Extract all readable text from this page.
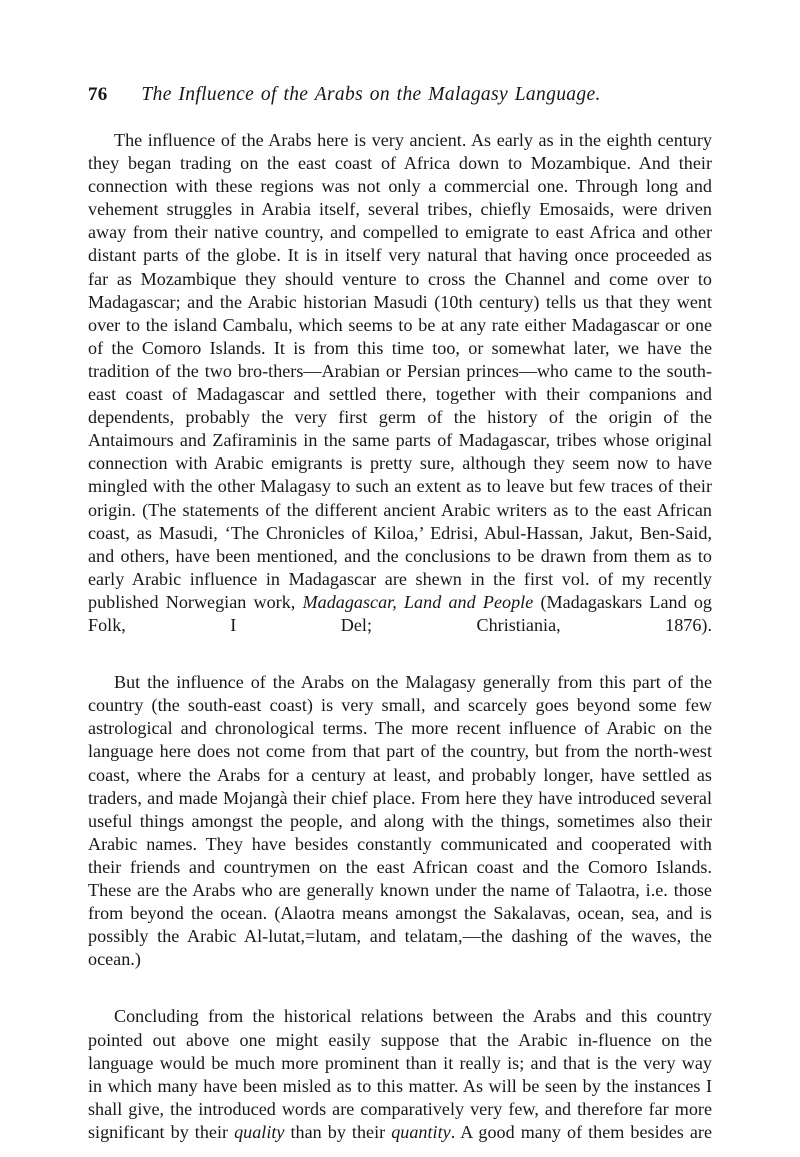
76 The Influence of the Arabs on the Malagasy Language.

The influence of the Arabs here is very ancient. As early as in the eighth century they began trading on the east coast of Africa down to Mozambique. And their connection with these regions was not only a commercial one. Through long and vehement struggles in Arabia itself, several tribes, chiefly Emosaids, were driven away from their native country, and compelled to emigrate to east Africa and other distant parts of the globe. It is in itself very natural that having once proceeded as far as Mozambique they should venture to cross the Channel and come over to Madagascar; and the Arabic historian Masudi (10th century) tells us that they went over to the island Cambalu, which seems to be at any rate either Madagascar or one of the Comoro Islands. It is from this time too, or somewhat later, we have the tradition of the two bro-thers—Arabian or Persian princes—who came to the south-east coast of Madagascar and settled there, together with their companions and dependents, probably the very first germ of the history of the origin of the Antaimours and Zafiraminis in the same parts of Madagascar, tribes whose original connection with Arabic emigrants is pretty sure, although they seem now to have mingled with the other Malagasy to such an extent as to leave but few traces of their origin. (The statements of the different ancient Arabic writers as to the east African coast, as Masudi, ‘The Chronicles of Kiloa,’ Edrisi, Abul-Hassan, Jakut, Ben-Said, and others, have been mentioned, and the conclusions to be drawn from them as to early Arabic influence in Madagascar are shewn in the first vol. of my recently published Norwegian work, Madagascar, Land and People (Madagaskars Land og Folk, I Del; Christiania, 1876).

But the influence of the Arabs on the Malagasy generally from this part of the country (the south-east coast) is very small, and scarcely goes beyond some few astrological and chronological terms. The more recent influence of Arabic on the language here does not come from that part of the country, but from the north-west coast, where the Arabs for a century at least, and probably longer, have settled as traders, and made Mojangà their chief place. From here they have introduced several useful things amongst the people, and along with the things, sometimes also their Arabic names. They have besides constantly communicated and cooperated with their friends and countrymen on the east African coast and the Comoro Islands. These are the Arabs who are generally known under the name of Talaotra, i.e. those from beyond the ocean. (Alaotra means amongst the Sakalavas, ocean, sea, and is possibly the Arabic Al-lutat,=lutam, and telatam,—the dashing of the waves, the ocean.)

Concluding from the historical relations between the Arabs and this country pointed out above one might easily suppose that the Arabic in-fluence on the language would be much more prominent than it really is; and that is the very way in which many have been misled as to this matter. As will be seen by the instances I shall give, the introduced words are comparatively very few, and therefore far more significant by their quality than by their quantity. A good many of them besides are
